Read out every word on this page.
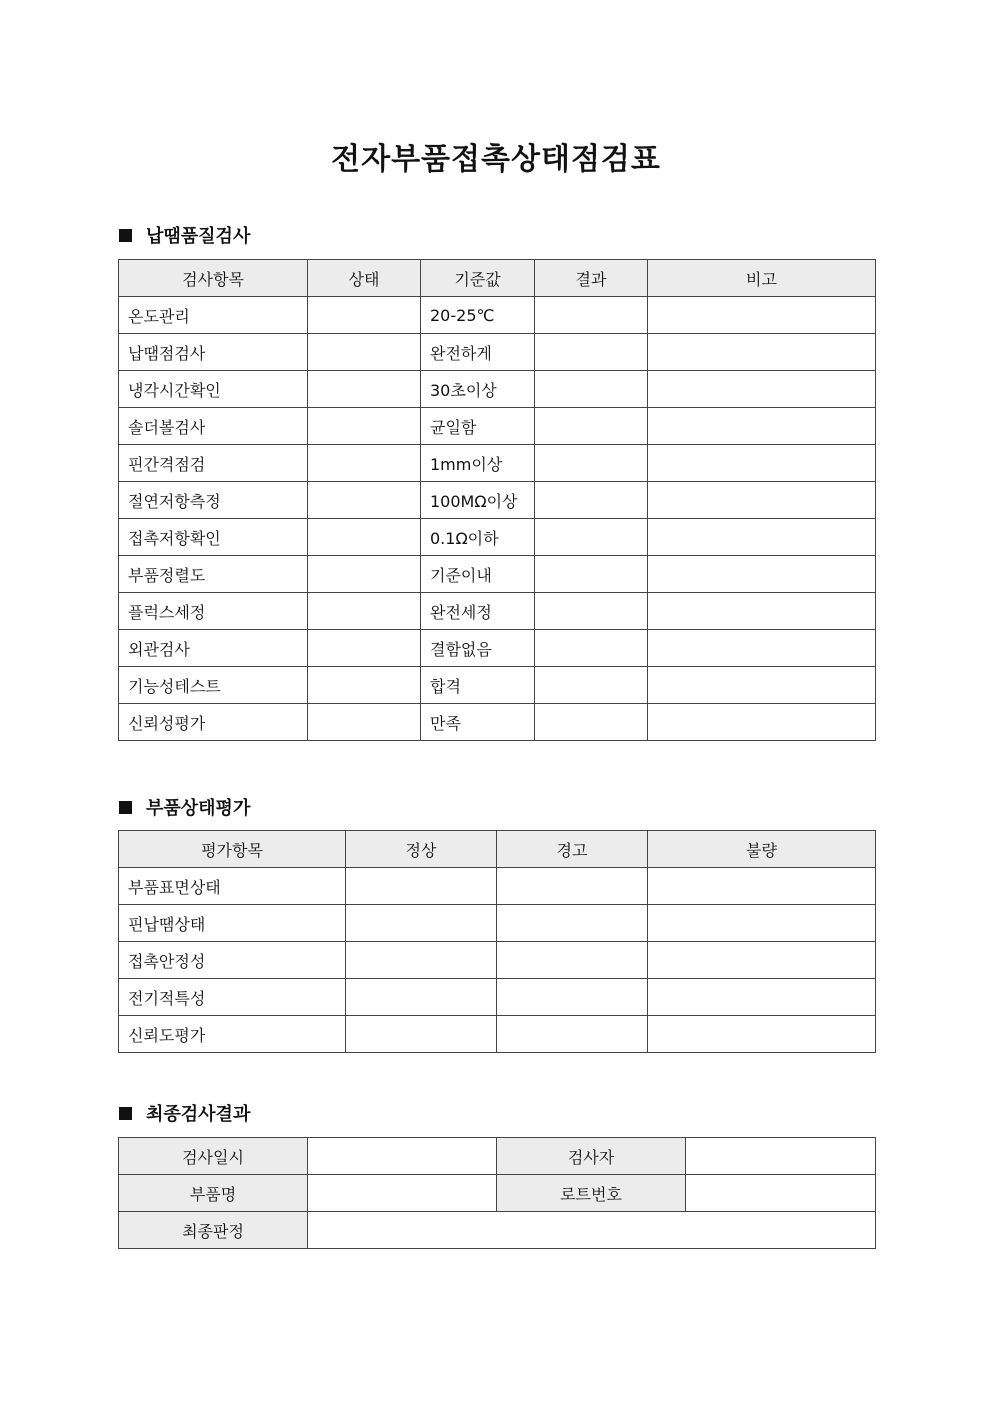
전자부품접촉상태점검표
납땜품질검사
검사항목	상태	기준값	결과	비고
온도관리		20-25℃		
납땜점검사		완전하게		
냉각시간확인		30초이상		
솔더볼검사		균일함		
핀간격점검		1mm이상		
절연저항측정		100MΩ이상		
접촉저항확인		0.1Ω이하		
부품정렬도		기준이내		
플럭스세정		완전세정		
외관검사		결함없음		
기능성테스트		합격		
신뢰성평가		만족		
부품상태평가
평가항목	정상	경고	불량
부품표면상태			
핀납땜상태			
접촉안정성			
전기적특성			
신뢰도평가			
최종검사결과
검사일시		검사자	
부품명		로트번호	
최종판정			
